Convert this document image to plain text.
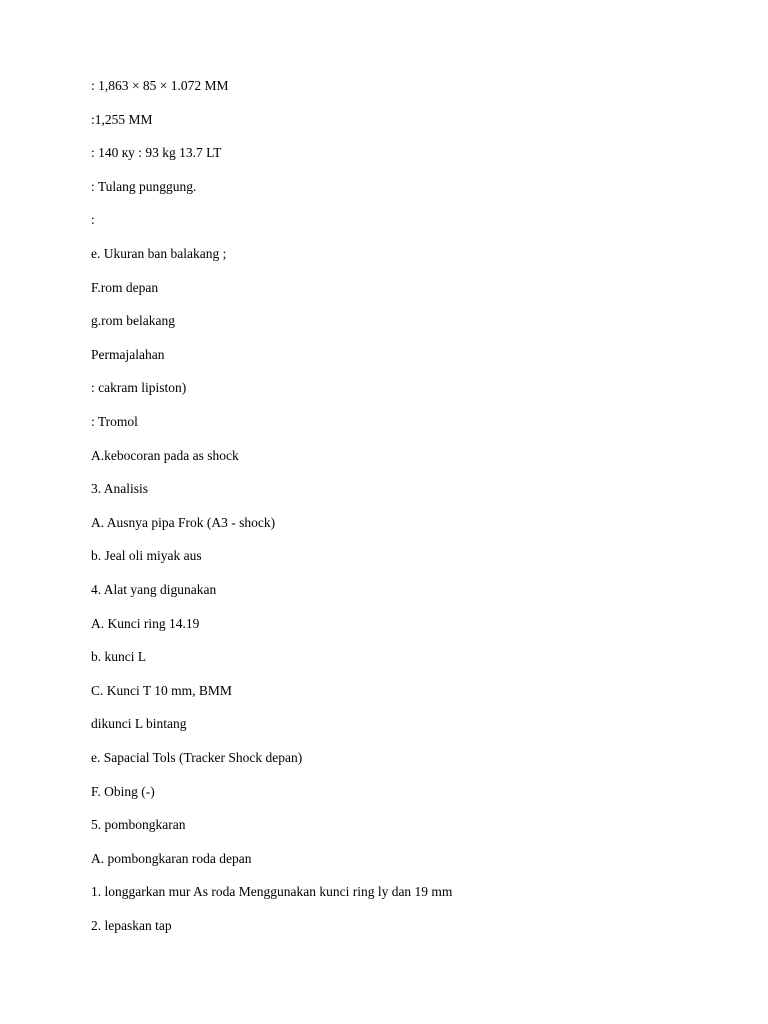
: 1,863 × 85 × 1.072 MM
:1,255 MM
: 140 ку : 93 kg 13.7 LT
: Tulang punggung.
:
e. Ukuran ban balakang ;
F.rom depan
g.rom belakang
Permajalahan
: cakram lipiston)
: Tromol
A.kebocoran pada as shock
3. Analisis
A. Ausnya pipa Frok (A3 - shock)
b. Jeal oli miyak aus
4. Alat yang digunakan
A. Kunci ring 14.19
b. kunci L
C. Kunci T 10 mm, BMM
dikunci L bintang
e. Sapacial Tols (Tracker Shock depan)
F. Obing (-)
5. pombongkaran
A. pombongkaran roda depan
1. longgarkan mur As roda Menggunakan kunci ring ly dan 19 mm
2. lepaskan tap
